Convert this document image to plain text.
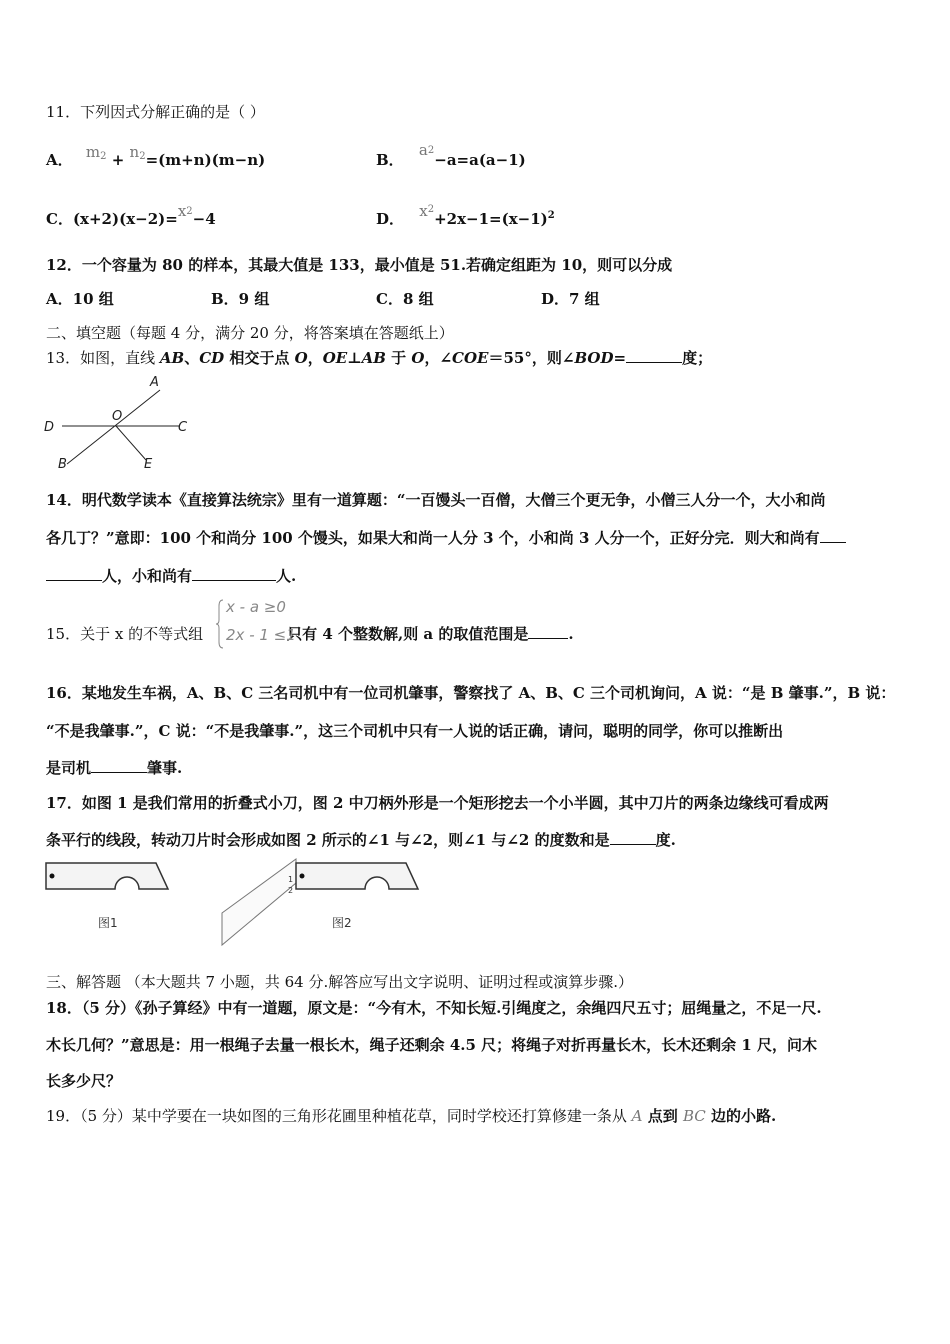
11．下列因式分解正确的是（ ）
A． $m^2 + n^2=(m+n)(m-n)$	B． $a^2-a=a(a-1)$
C．$(x+2)(x-2)=x^2-4$	D． $x^2+2x-1=(x-1)^2$
12．一个容量为 80 的样本，其最大值是 133，最小值是 51.若确定组距为 10，则可以分成
A．10 组	B．9 组	C．8 组	D．7 组
二、填空题（每题 4 分，满分 20 分，将答案填在答题纸上）
13．如图，直线 AB、CD 相交于点 O，OE⊥AB 于 O，∠COE＝55°，则∠BOD=	度；
A
B
C
D
E
O
14．明代数学读本《直接算法统宗》里有一道算题：“一百馒头一百僧，大僧三个更无争，小僧三人分一个，大小和尚
各几丁？”意即：100 个和尚分 100 个馒头，如果大和尚一人分 3 个，小和尚 3 人分一个，正好分完．则大和尚有
人，小和尚有	人.
15．关于 x 的不等式组	只有 4 个整数解,则 a 的取值范围是	.
x - a ≥0
2x - 1 ≤1
16．某地发生车祸，A、B、C 三名司机中有一位司机肇事，警察找了 A、B、C 三个司机询问，A 说：“是 B 肇事.”，B 说：
“不是我肇事.”，C 说：“不是我肇事.”，这三个司机中只有一人说的话正确，请问，聪明的同学，你可以推断出
是司机	肇事.
17．如图 1 是我们常用的折叠式小刀，图 2 中刀柄外形是一个矩形挖去一个小半圆，其中刀片的两条边缘线可看成两
条平行的线段，转动刀片时会形成如图 2 所示的∠1 与∠2，则∠1 与∠2 的度数和是	度.
图1
1
2
图2
三、解答题 （本大题共 7 小题，共 64 分.解答应写出文字说明、证明过程或演算步骤.）
18．（5 分）《孙子算经》中有一道题，原文是：“今有木，不知长短.引绳度之，余绳四尺五寸；屈绳量之，不足一尺.
木长几何？”意思是：用一根绳子去量一根长木，绳子还剩余 4.5 尺；将绳子对折再量长木，长木还剩余 1 尺，问木
长多少尺？
19．（5 分）某中学要在一块如图的三角形花圃里种植花草，同时学校还打算修建一条从 A 点到 BC 边的小路.
